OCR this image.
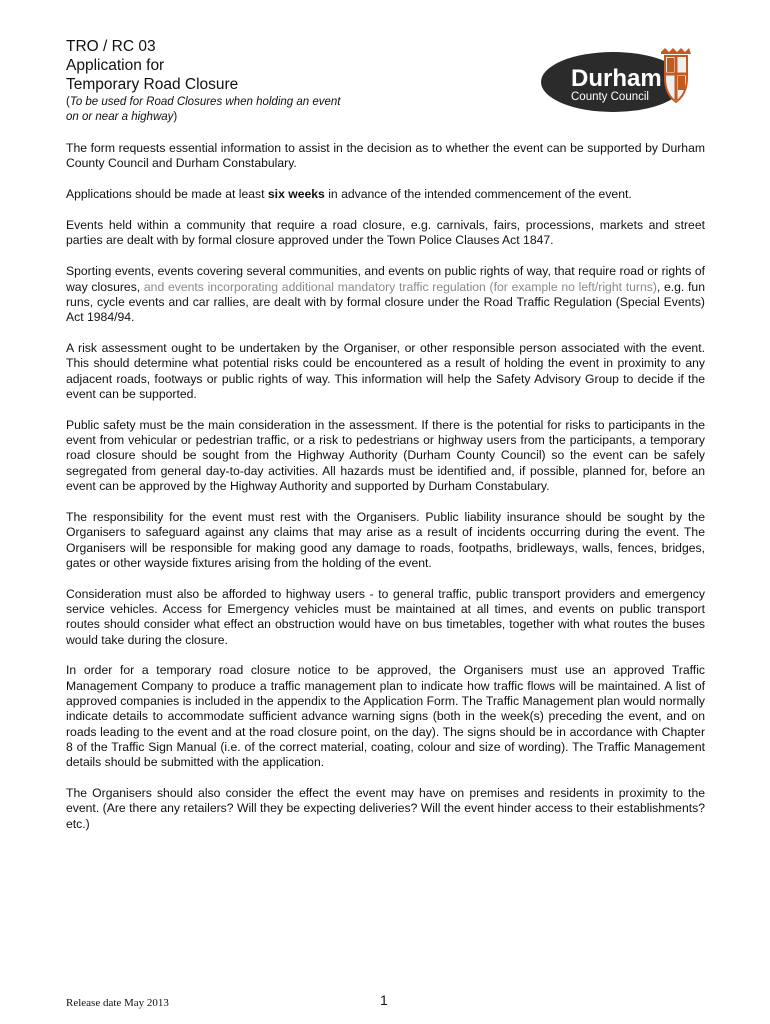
TRO / RC 03
Application for
Temporary Road Closure
(To be used for Road Closures when holding an event on or near a highway)
Durham
County Council

The form requests essential information to assist in the decision as to whether the event can be supported by Durham County Council and Durham Constabulary.

Applications should be made at least six weeks in advance of the intended commencement of the event.

Events held within a community that require a road closure, e.g. carnivals, fairs, processions, markets and street parties are dealt with by formal closure approved under the Town Police Clauses Act 1847.

Sporting events, events covering several communities, and events on public rights of way, that require road or rights of way closures, and events incorporating additional mandatory traffic regulation (for example no left/right turns), e.g. fun runs, cycle events and car rallies, are dealt with by formal closure under the Road Traffic Regulation (Special Events) Act 1984/94.

A risk assessment ought to be undertaken by the Organiser, or other responsible person associated with the event. This should determine what potential risks could be encountered as a result of holding the event in proximity to any adjacent roads, footways or public rights of way. This information will help the Safety Advisory Group to decide if the event can be supported.

Public safety must be the main consideration in the assessment. If there is the potential for risks to participants in the event from vehicular or pedestrian traffic, or a risk to pedestrians or highway users from the participants, a temporary road closure should be sought from the Highway Authority (Durham County Council) so the event can be safely segregated from general day-to-day activities. All hazards must be identified and, if possible, planned for, before an event can be approved by the Highway Authority and supported by Durham Constabulary.

The responsibility for the event must rest with the Organisers. Public liability insurance should be sought by the Organisers to safeguard against any claims that may arise as a result of incidents occurring during the event. The Organisers will be responsible for making good any damage to roads, footpaths, bridleways, walls, fences, bridges, gates or other wayside fixtures arising from the holding of the event.

Consideration must also be afforded to highway users - to general traffic, public transport providers and emergency service vehicles. Access for Emergency vehicles must be maintained at all times, and events on public transport routes should consider what effect an obstruction would have on bus timetables, together with what routes the buses would take during the closure.

In order for a temporary road closure notice to be approved, the Organisers must use an approved Traffic Management Company to produce a traffic management plan to indicate how traffic flows will be maintained. A list of approved companies is included in the appendix to the Application Form. The Traffic Management plan would normally indicate details to accommodate sufficient advance warning signs (both in the week(s) preceding the event, and on roads leading to the event and at the road closure point, on the day). The signs should be in accordance with Chapter 8 of the Traffic Sign Manual (i.e. of the correct material, coating, colour and size of wording). The Traffic Management details should be submitted with the application.

The Organisers should also consider the effect the event may have on premises and residents in proximity to the event. (Are there any retailers? Will they be expecting deliveries? Will the event hinder access to their establishments? etc.)

Release date May 2013	1
